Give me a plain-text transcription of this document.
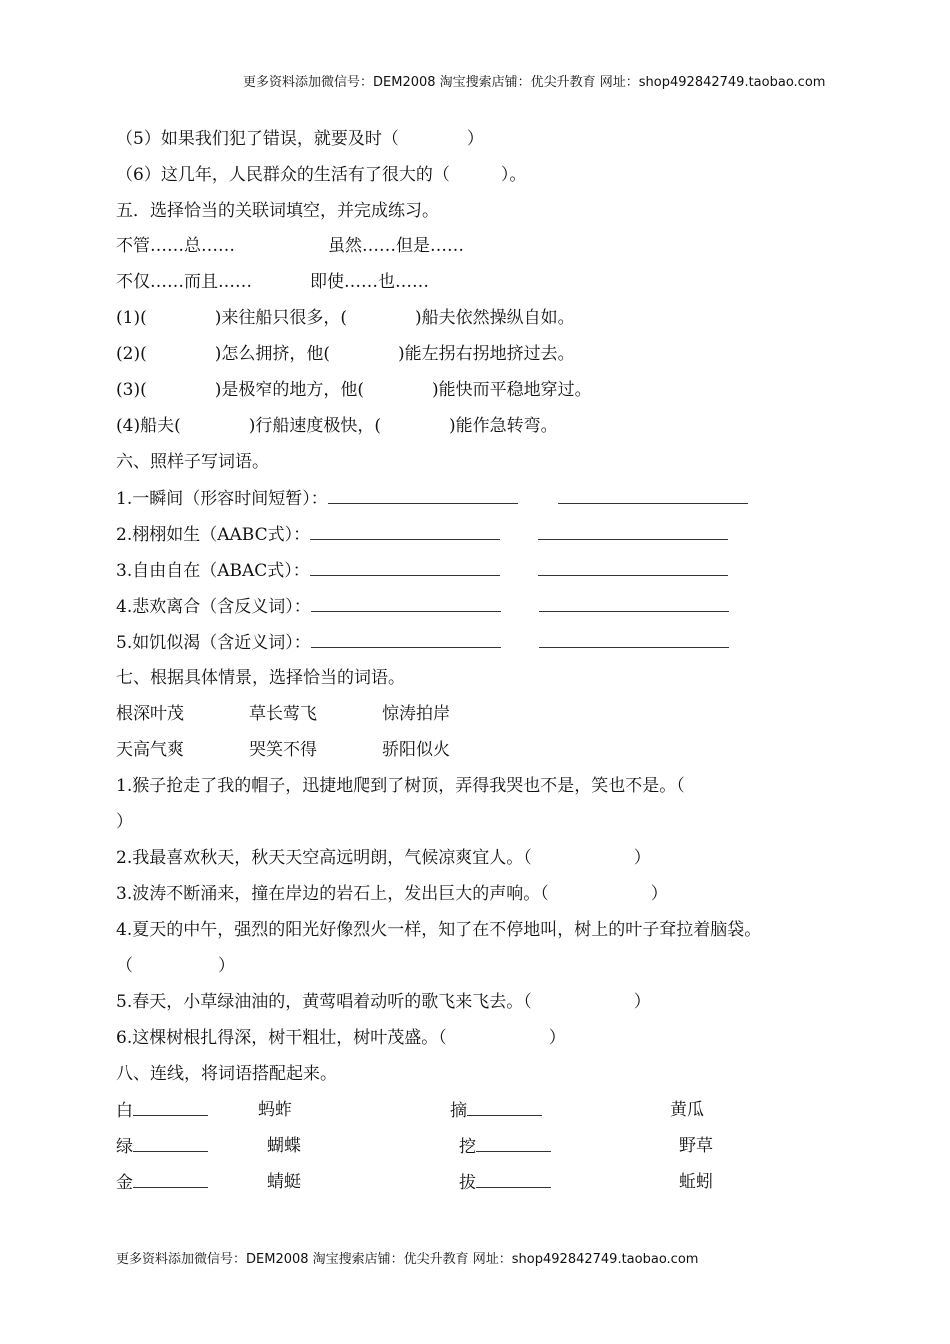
更多资料添加微信号：DEM2008 淘宝搜索店铺：优尖升教育 网址：shop492842749.taobao.com
（5）如果我们犯了错误，就要及时（　　　　）
（6）这几年，人民群众的生活有了很大的（　　　）。
五．选择恰当的关联词填空，并完成练习。
不管……总……	虽然……但是……
不仅……而且……	即使……也……
(1)(　　　　)来往船只很多，(　　　　)船夫依然操纵自如。
(2)(　　　　)怎么拥挤，他(　　　　)能左拐右拐地挤过去。
(3)(　　　　)是极窄的地方，他(　　　　)能快而平稳地穿过。
(4)船夫(　　　　)行船速度极快，(　　　　)能作急转弯。
六、照样子写词语。
1.一瞬间（形容时间短暂）：
2.栩栩如生（AABC式）：
3.自由自在（ABAC式）：
4.悲欢离合（含反义词）：
5.如饥似渴（含近义词）：
七、根据具体情景，选择恰当的词语。
根深叶茂	草长莺飞	惊涛拍岸
天高气爽	哭笑不得	骄阳似火
1.猴子抢走了我的帽子，迅捷地爬到了树顶，弄得我哭也不是，笑也不是。（
）
2.我最喜欢秋天，秋天天空高远明朗，气候凉爽宜人。（　　　　　　）
3.波涛不断涌来，撞在岸边的岩石上，发出巨大的声响。（　　　　　　）
4.夏天的中午，强烈的阳光好像烈火一样，知了在不停地叫，树上的叶子耷拉着脑袋。
（　　　　　）
5.春天，小草绿油油的，黄莺唱着动听的歌飞来飞去。（　　　　　　）
6.这棵树根扎得深，树干粗壮，树叶茂盛。（　　　　　　）
八、连线，将词语搭配起来。
白	蚂蚱	摘	黄瓜
绿	蝴蝶	挖	野草
金	蜻蜓	拔	蚯蚓
更多资料添加微信号：DEM2008 淘宝搜索店铺：优尖升教育 网址：shop492842749.taobao.com
